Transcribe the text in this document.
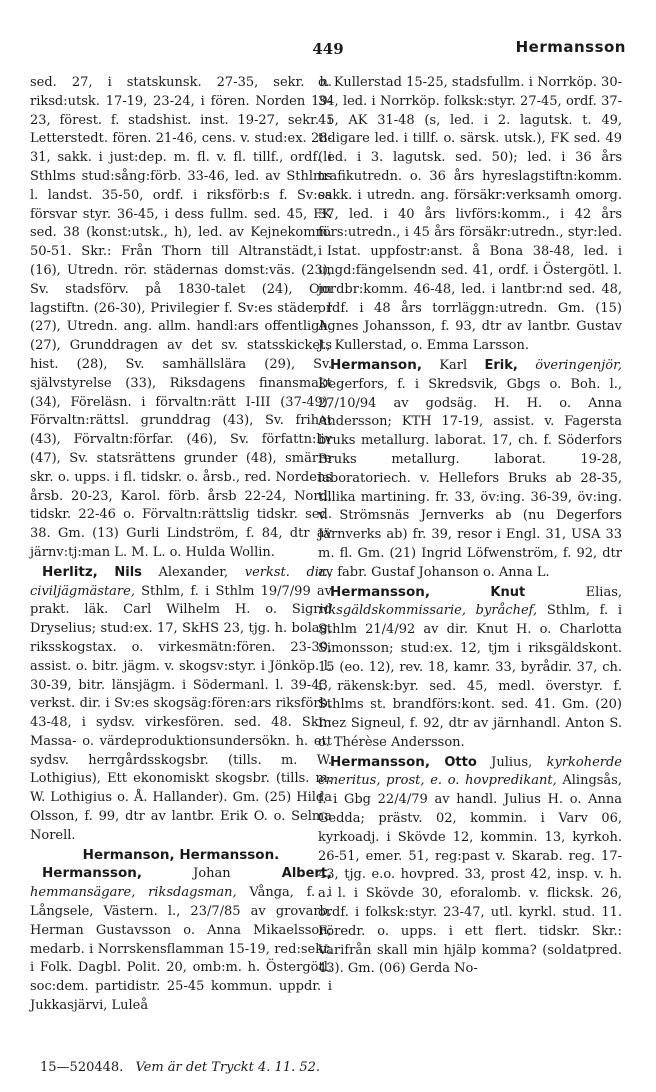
449	Hermansson

sed. 27, i statskunsk. 27-35, sekr. h. riksd:utsk. 17-19, 23-24, i fören. Norden 19-23, förest. f. stadshist. inst. 19-27, sekr. i Letterstedt. fören. 21-46, cens. v. stud:ex. 28-31, sakk. i just:dep. m. fl. v. fl. tillf., ordf. i Sthlms stud:sång:förb. 33-46, led. av Sthlms l. landst. 35-50, ordf. i riksförb:s f. Sv:es försvar styr. 36-45, i dess fullm. sed. 45, FK sed. 38 (konst:utsk., h), led. av Kejnekomm. 50-51. Skr.: Från Thorn till Altranstädt, I (16), Utredn. rör. städernas domst:väs. (23), Sv. stadsförv. på 1830-talet (24), Om lagstiftn. (26-30), Privilegier f. Sv:es städer, I (27), Utredn. ang. allm. handl:ars offentligh. (27), Grunddragen av det sv. statsskickets hist. (28), Sv. samhällslära (29), Sv. självstyrelse (33), Riksdagens finansmakt (34), Föreläsn. i förvaltn:rätt I-III (37-49), Förvaltn:rättsl. grunddrag (43), Sv. frihet (43), Förvaltn:förfar. (46), Sv. författn:liv (47), Sv. statsrättens grunder (48), smärre skr. o. upps. i fl. tidskr. o. årsb., red. Nordens årsb. 20-23, Karol. förb. årsb 22-24, Nord. tidskr. 22-46 o. Förvaltn:rättslig tidskr. sed. 38. Gm. (13) Gurli Lindström, f. 84, dtr av järnv:tj:man L. M. L. o. Hulda Wollin.

Herlitz, Nils Alexander, verkst. dir., civiljägmästare, Sthlm, f. i Sthlm 19/7/99 av prakt. läk. Carl Wilhelm H. o. Sigrid Dryselius; stud:ex. 17, SkHS 23, tjg. h. bolag, riksskogstax. o. virkesmätn:fören. 23-30, assist. o. bitr. jägm. v. skogsv:styr. i Jönköp. l. 30-39, bitr. länsjägm. i Södermanl. l. 39-43, verkst. dir. i Sv:es skogsäg:fören:ars riksförb. 43-48, i sydsv. virkesfören. sed. 48. Skr.: Massa- o. värdeproduktionsundersökn. h. ett sydsv. herrgårdsskogsbr. (tills. m. W. Lothigius), Ett ekonomiskt skogsbr. (tills. m. W. Lothigius o. Å. Hallander). Gm. (25) Hilda Olsson, f. 99, dtr av lantbr. Erik O. o. Selma Norell.

Hermanson, Hermansson.

Hermansson, Johan Albert, hemmansägare, riksdagsman, Vånga, f. i Långsele, Västern. l., 23/7/85 av grovarb. Herman Gustavsson o. Anna Mikaelsson; medarb. i Norrskensflamman 15-19, red:sekr. i Folk. Dagbl. Polit. 20, omb:m. h. Östergötl. soc:dem. partidistr. 25-45 kommun. uppdr. i Jukkasjärvi, Luleå

o. Kullerstad 15-25, stadsfullm. i Norrköp. 30-34, led. i Norrköp. folksk:styr. 27-45, ordf. 37-45, AK 31-48 (s, led. i 2. lagutsk. t. 49, tidigare led. i tillf. o. särsk. utsk.), FK sed. 49 (led. i 3. lagutsk. sed. 50); led. i 36 års trafikutredn. o. 36 års hyreslagstiftn:komm. sakk. i utredn. ang. försäkr:verksamh omorg. 37, led. i 40 års livförs:komm., i 42 års förs:utredn., i 45 års försäkr:utredn., styr:led. i stat. uppfostr:anst. å Bona 38-48, led. i ungd:fängelsendn sed. 41, ordf. i Östergötl. l. jordbr:komm. 46-48, led. i lantbr:nd sed. 48, ordf. i 48 års torrläggn:utredn. Gm. (15) Agnes Johansson, f. 93, dtr av lantbr. Gustav J., Kullerstad, o. Emma Larsson.

Hermanson, Karl Erik, överingenjör, Degerfors, f. i Skredsvik, Gbgs o. Boh. l., 27/10/94 av godsäg. H. H. o. Anna Andersson; KTH 17-19, assist. v. Fagersta bruks metallurg. laborat. 17, ch. f. Söderfors Bruks metallurg. laborat. 19-28, laboratoriech. v. Hellefors Bruks ab 28-35, tillika martining. fr. 33, öv:ing. 36-39, öv:ing. v. Strömsnäs Jernverks ab (nu Degerfors Järnverks ab) fr. 39, resor i Engl. 31, USA 33 m. fl. Gm. (21) Ingrid Löfwenström, f. 92, dtr av fabr. Gustaf Johanson o. Anna L.

Hermansson,	Knut Elias, riksgäldskommissarie, byråchef, Sthlm, f. i Sthlm 21/4/92 av dir. Knut H. o. Charlotta Simonsson; stud:ex. 12, tjm i riksgäldskont. 15 (eo. 12), rev. 18, kamr. 33, byrådir. 37, ch. f. räkensk:byr. sed. 45, medl. överstyr. f. Sthlms st. brandförs:kont. sed. 41. Gm. (20) Inez Signeul, f. 92, dtr av järnhandl. Anton S. o. Thérèse Andersson.

Hermansson, Otto Julius, kyrkoherde emeritus, prost, e. o. hovpredikant, Alingsås, f. i Gbg 22/4/79 av handl. Julius H. o. Anna Gedda; prästv. 02, kommin. i Varv 06, kyrkoadj. i Skövde 12, kommin. 13, kyrkoh. 26-51, emer. 51, reg:past v. Skarab. reg. 17-43, tjg. e.o. hovpred. 33, prost 42, insp. v. h. a. l. i Skövde 30, eforalomb. v. flicksk. 26, ordf. i folksk:styr. 23-47, utl. kyrkl. stud. 11. Föredr. o. upps. i ett flert. tidskr. Skr.: Varifrån skall min hjälp komma? (soldatpred. 43). Gm. (06) Gerda No-

15—520448. Vem är det Tryckt 4. 11. 52.
